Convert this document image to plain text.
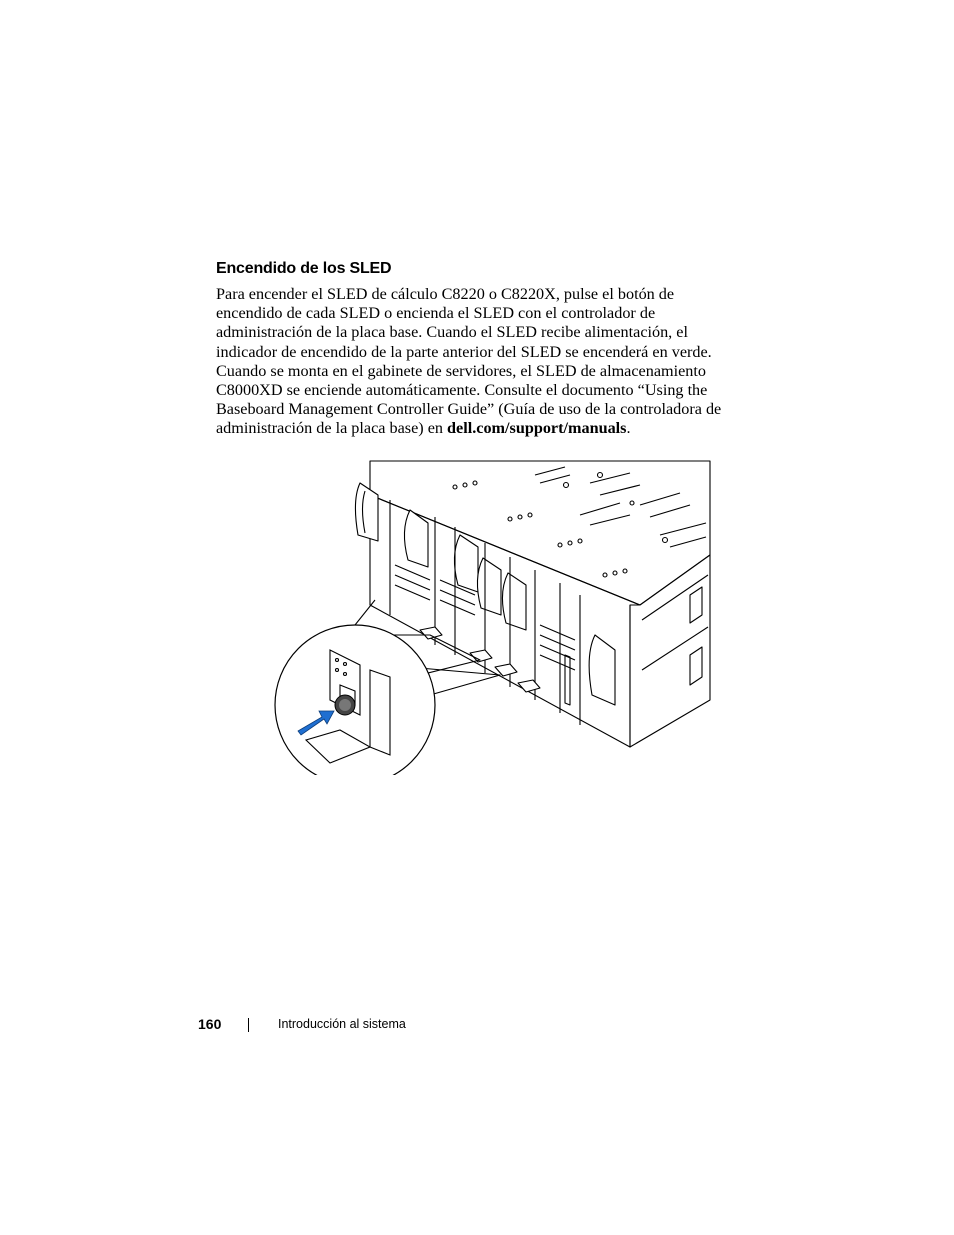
Encendido de los SLED

Para encender el SLED de cálculo C8220 o C8220X, pulse el botón de encendido de cada SLED o encienda el SLED con el controlador de administración de la placa base. Cuando el SLED recibe alimentación, el indicador de encendido de la parte anterior del SLED se encenderá en verde. Cuando se monta en el gabinete de servidores, el SLED de almacenamiento C8000XD se enciende automáticamente. Consulte el documento “Using the Baseboard Management Controller Guide” (Guía de uso de la controladora de administración de la placa base) en dell.com/support/manuals.

160	Introducción al sistema
